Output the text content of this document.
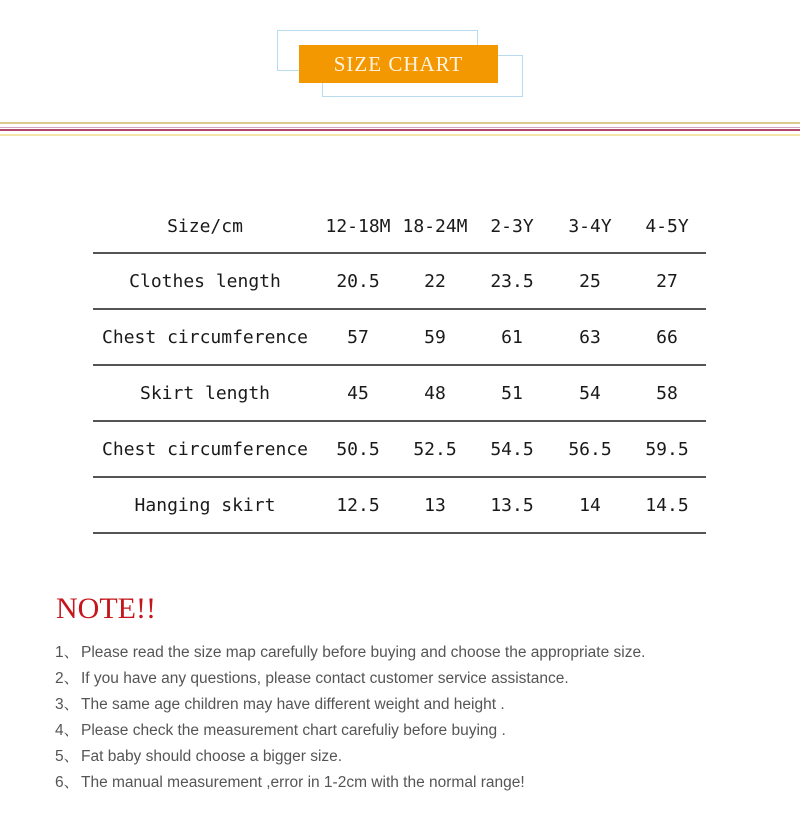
SIZE CHART
Size/cm	12-18M 18-24M 2-3Y 3-4Y 4-5Y
Clothes length	20.5 22 23.5	25	27
Chest circumference 57	59	61	63	66
Skirt length	45	48	51	54	58
Chest circumference 50.5 52.5 54.5 56.5 59.5
Hanging skirt	12.5 13 13.5	14 14.5
NOTE!!
1、 Please read the size map carefully before buying and choose the appropriate size.
2、 If you have any questions, please contact customer service assistance.
3、 The same age children may have different weight and height .
4、 Please check the measurement chart carefuliy before buying .
5、 Fat baby should choose a bigger size.
6、 The manual measurement ,error in 1-2cm with the normal range!
